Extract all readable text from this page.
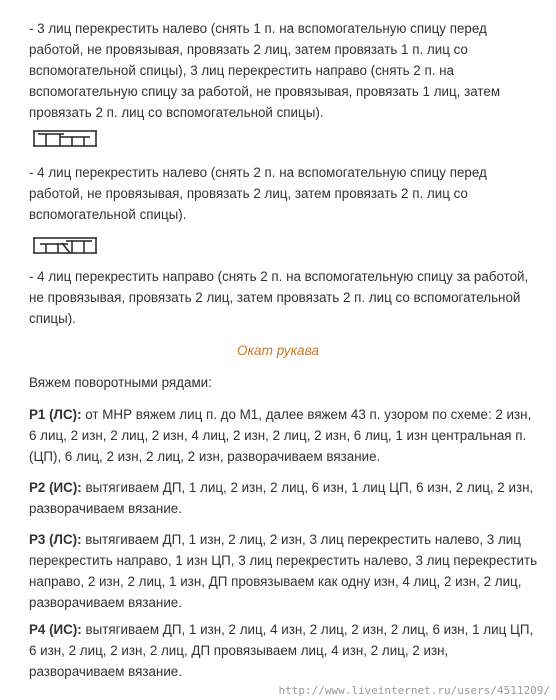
- 3 лиц перекрестить налево (снять 1 п. на вспомогательную спицу перед работой, не провязывая, провязать 2 лиц, затем провязать 1 п. лиц со вспомогательной спицы), 3 лиц перекрестить направо (снять 2 п. на вспомогательную спицу за работой, не провязывая, провязать 1 лиц, затем провязать 2 п. лиц со вспомогательной спицы).

- 4 лиц перекрестить налево (снять 2 п. на вспомогательную спицу перед работой, не провязывая, провязать 2 лиц, затем провязать 2 п. лиц со вспомогательной спицы).

- 4 лиц перекрестить направо (снять 2 п. на вспомогательную спицу за работой, не провязывая, провязать 2 лиц, затем провязать 2 п. лиц со вспомогательной спицы).

Окат рукава

Вяжем поворотными рядами:

Р1 (ЛС): от МНР вяжем лиц п. до М1, далее вяжем 43 п. узором по схеме: 2 изн, 6 лиц, 2 изн, 2 лиц, 2 изн, 4 лиц, 2 изн, 2 лиц, 2 изн, 6 лиц, 1 изн центральная п. (ЦП), 6 лиц, 2 изн, 2 лиц, 2 изн, разворачиваем вязание.

Р2 (ИС): вытягиваем ДП, 1 лиц, 2 изн, 2 лиц, 6 изн, 1 лиц ЦП, 6 изн, 2 лиц, 2 изн, разворачиваем вязание.

Р3 (ЛС): вытягиваем ДП, 1 изн, 2 лиц, 2 изн, 3 лиц перекрестить налево, 3 лиц перекрестить направо, 1 изн ЦП, 3 лиц перекрестить налево, 3 лиц перекрестить направо, 2 изн, 2 лиц, 1 изн, ДП провязываем как одну изн, 4 лиц, 2 изн, 2 лиц, разворачиваем вязание.

Р4 (ИС): вытягиваем ДП, 1 изн, 2 лиц, 4 изн, 2 лиц, 2 изн, 2 лиц, 6 изн, 1 лиц ЦП, 6 изн, 2 лиц, 2 изн, 2 лиц, ДП провязываем лиц, 4 изн, 2 лиц, 2 изн, разворачиваем вязание.

http://www.liveinternet.ru/users/4511209/
